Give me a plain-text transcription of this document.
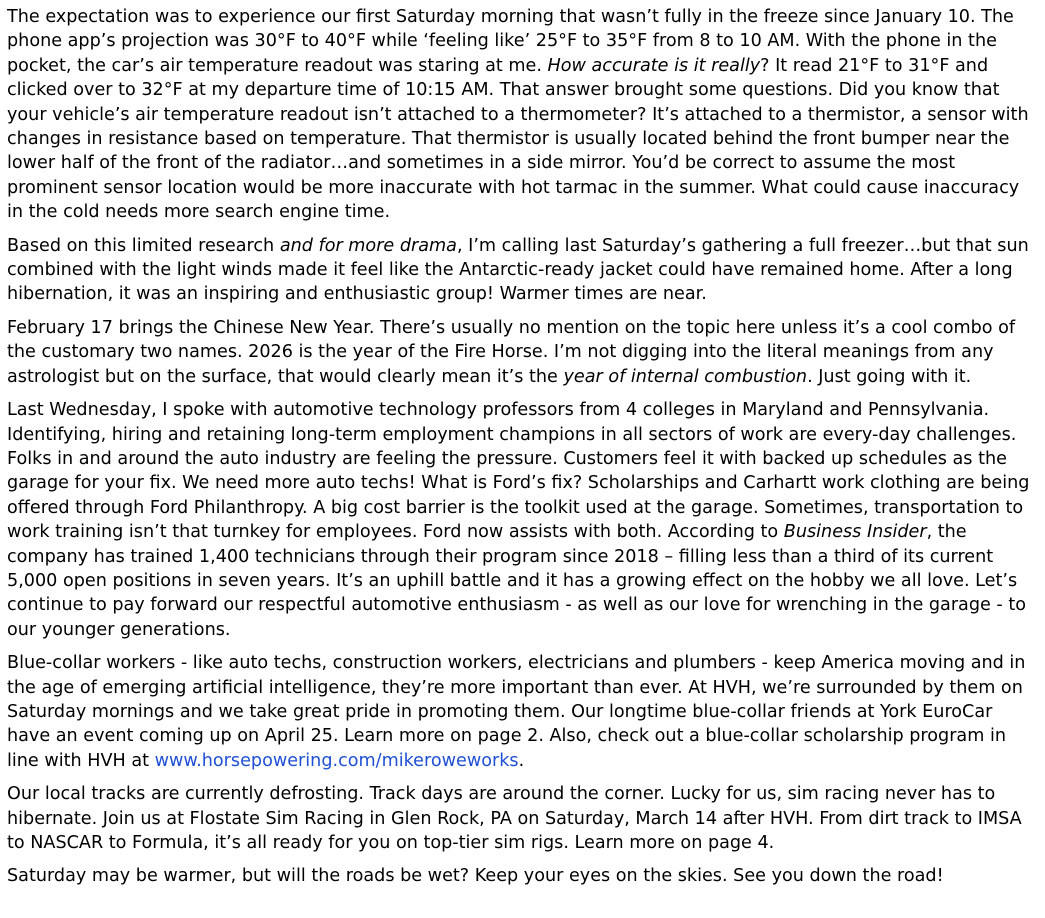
The expectation was to experience our first Saturday morning that wasn’t fully in the freeze since January 10. The phone app’s projection was 30°F to 40°F while ‘feeling like’ 25°F to 35°F from 8 to 10 AM. With the phone in the pocket, the car’s air temperature readout was staring at me. How accurate is it really? It read 21°F to 31°F and clicked over to 32°F at my departure time of 10:15 AM. That answer brought some questions. Did you know that your vehicle’s air temperature readout isn’t attached to a thermometer? It’s attached to a thermistor, a sensor with changes in resistance based on temperature. That thermistor is usually located behind the front bumper near the lower half of the front of the radiator…and sometimes in a side mirror. You’d be correct to assume the most prominent sensor location would be more inaccurate with hot tarmac in the summer. What could cause inaccuracy in the cold needs more search engine time.

Based on this limited research and for more drama, I’m calling last Saturday’s gathering a full freezer…but that sun combined with the light winds made it feel like the Antarctic-ready jacket could have remained home. After a long hibernation, it was an inspiring and enthusiastic group! Warmer times are near.

February 17 brings the Chinese New Year. There’s usually no mention on the topic here unless it’s a cool combo of the customary two names. 2026 is the year of the Fire Horse. I’m not digging into the literal meanings from any astrologist but on the surface, that would clearly mean it’s the year of internal combustion. Just going with it.

Last Wednesday, I spoke with automotive technology professors from 4 colleges in Maryland and Pennsylvania. Identifying, hiring and retaining long-term employment champions in all sectors of work are every-day challenges. Folks in and around the auto industry are feeling the pressure. Customers feel it with backed up schedules as the garage for your fix. We need more auto techs! What is Ford’s fix? Scholarships and Carhartt work clothing are being offered through Ford Philanthropy. A big cost barrier is the toolkit used at the garage. Sometimes, transportation to work training isn’t that turnkey for employees. Ford now assists with both. According to Business Insider, the company has trained 1,400 technicians through their program since 2018 – filling less than a third of its current 5,000 open positions in seven years. It’s an uphill battle and it has a growing effect on the hobby we all love. Let’s continue to pay forward our respectful automotive enthusiasm - as well as our love for wrenching in the garage - to our younger generations.

Blue-collar workers - like auto techs, construction workers, electricians and plumbers - keep America moving and in the age of emerging artificial intelligence, they’re more important than ever. At HVH, we’re surrounded by them on Saturday mornings and we take great pride in promoting them. Our longtime blue-collar friends at York EuroCar have an event coming up on April 25. Learn more on page 2. Also, check out a blue-collar scholarship program in line with HVH at www.horsepowering.com/mikeroweworks.

Our local tracks are currently defrosting. Track days are around the corner. Lucky for us, sim racing never has to hibernate. Join us at Flostate Sim Racing in Glen Rock, PA on Saturday, March 14 after HVH. From dirt track to IMSA to NASCAR to Formula, it’s all ready for you on top-tier sim rigs. Learn more on page 4.

Saturday may be warmer, but will the roads be wet? Keep your eyes on the skies. See you down the road!
